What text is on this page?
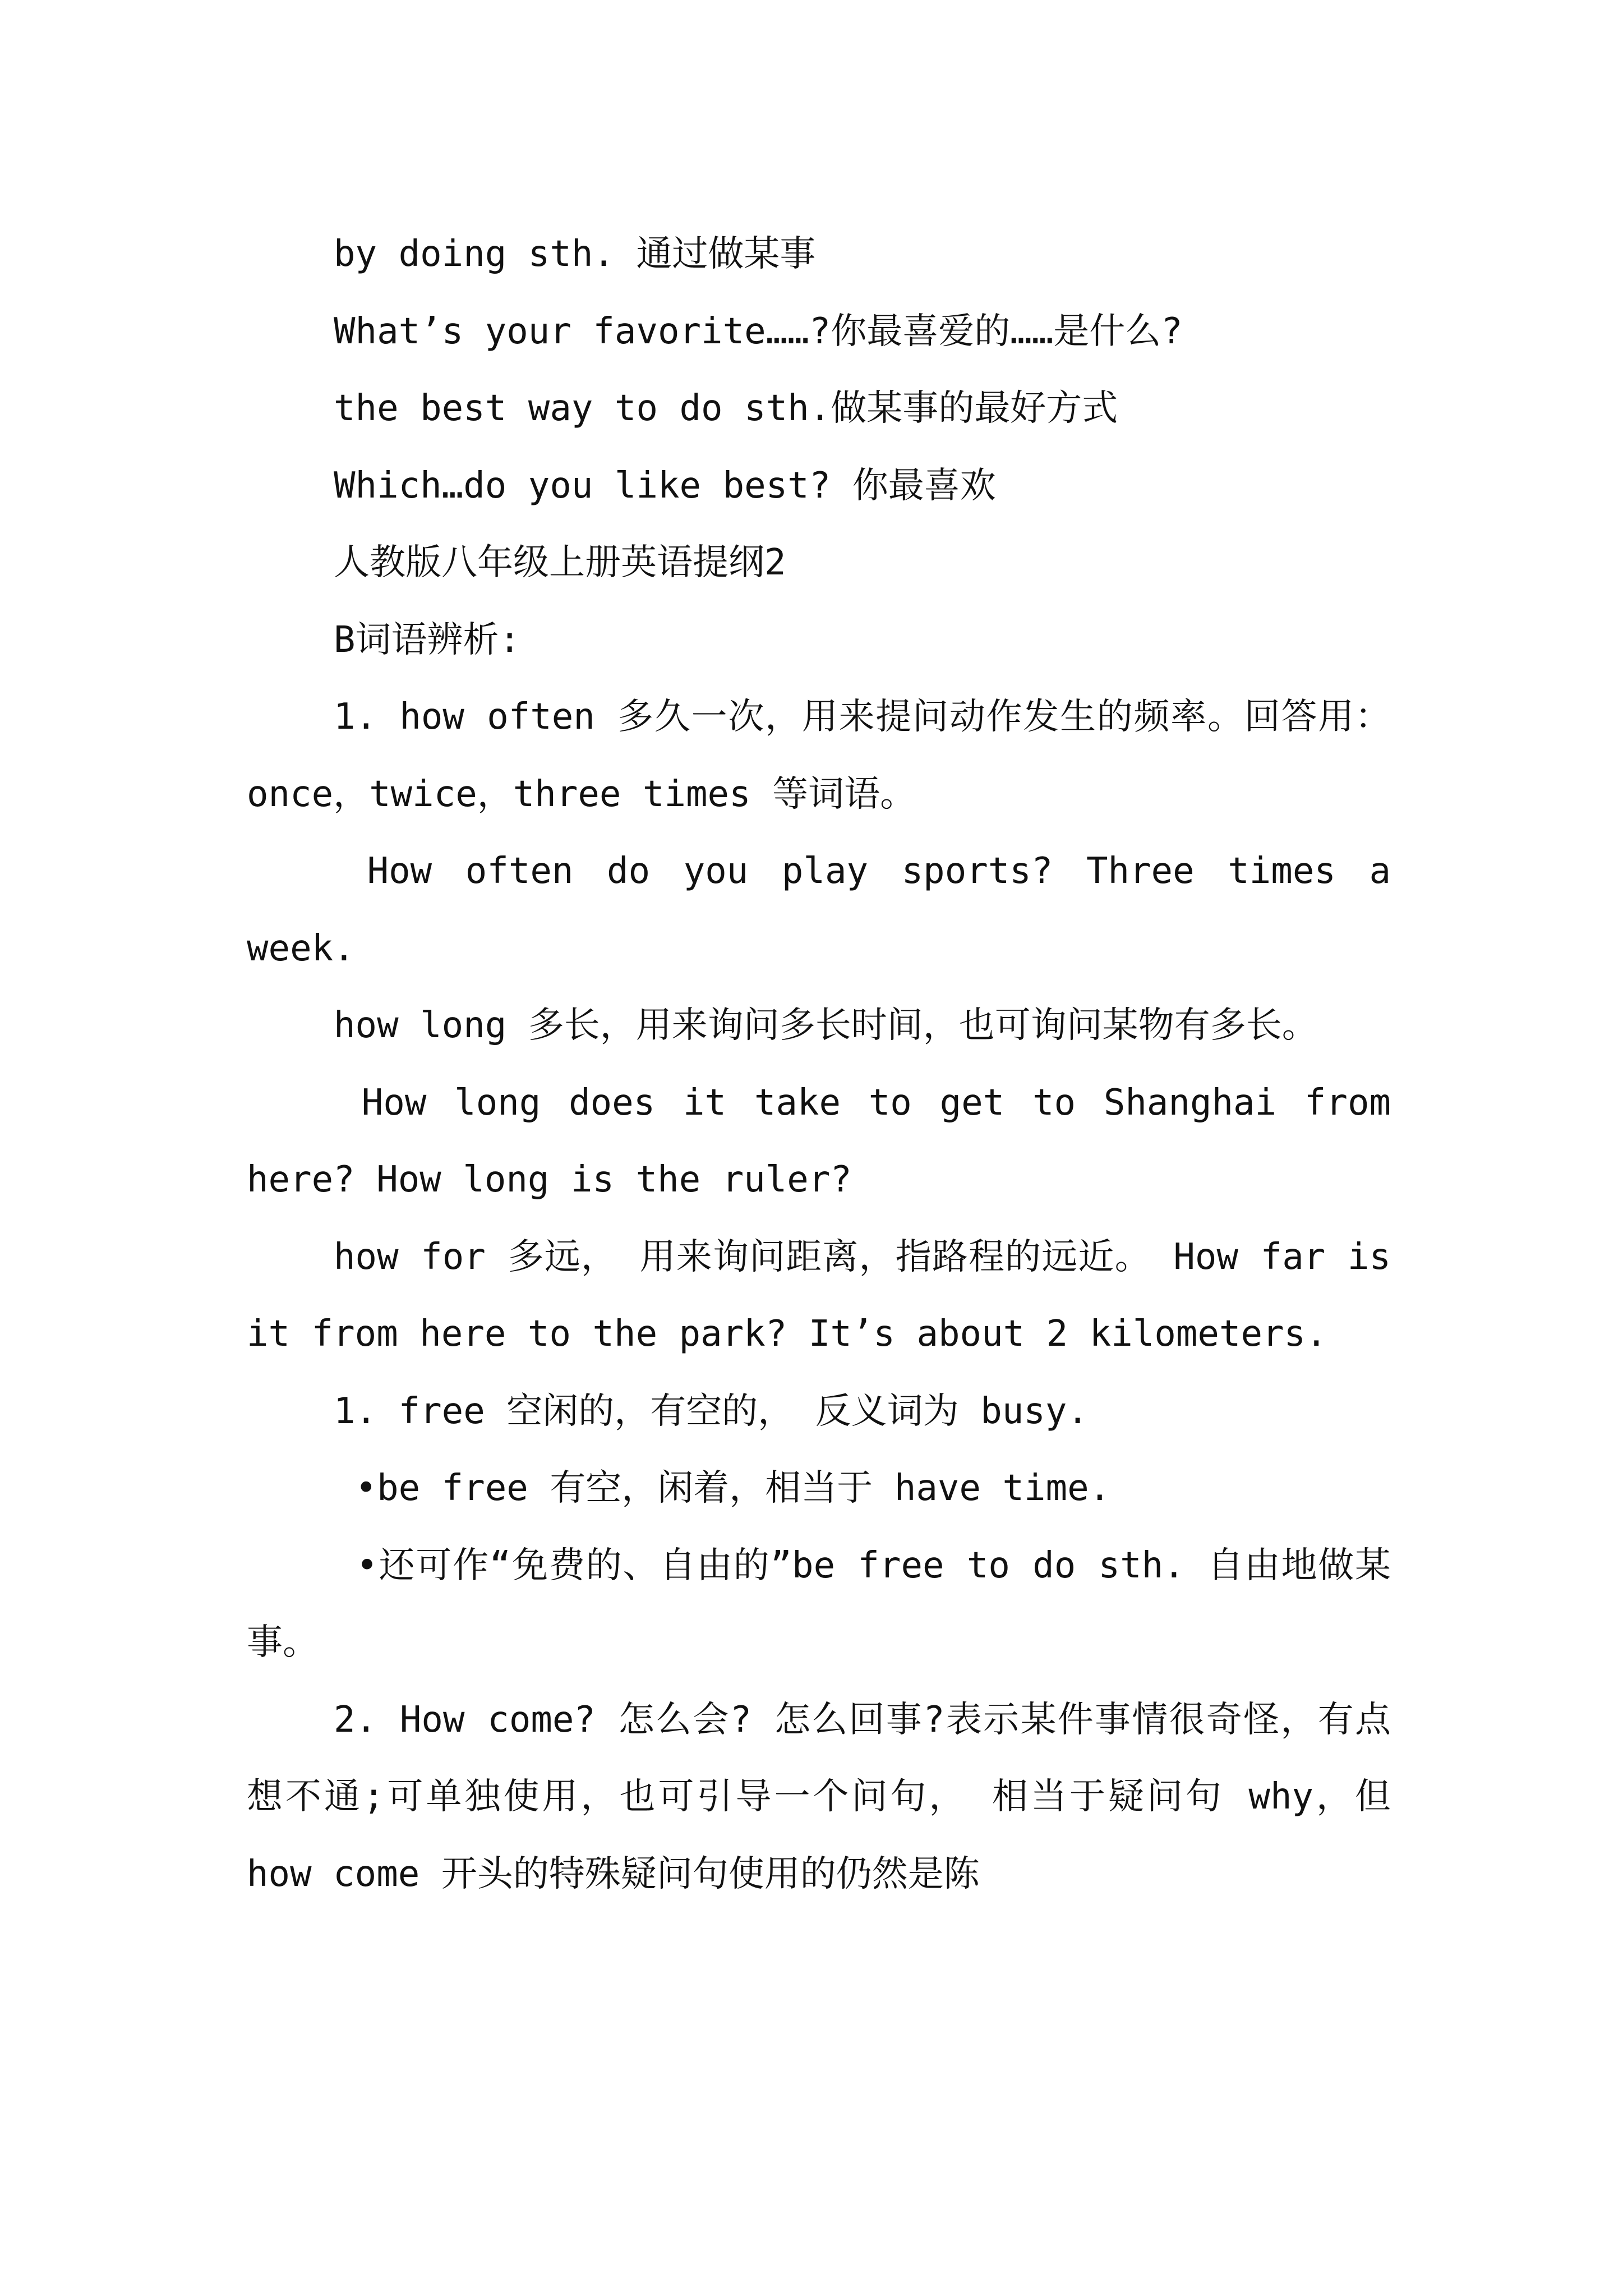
by doing sth. 通过做某事

What’s your favorite……?你最喜爱的……是什么?

the best way to do sth.做某事的最好方式

Which…do you like best? 你最喜欢

人教版八年级上册英语提纲2

B词语辨析:

1. how often 多久一次，用来提问动作发生的频率。回答用：once，twice，three times 等词语。

How often do you play sports? Three times a week.

how long 多长，用来询问多长时间，也可询问某物有多长。

How long does it take to get to Shanghai from here? How long is the ruler?

how for 多远， 用来询问距离，指路程的远近。 How far is it from here to the park? It’s about 2 kilometers.

1. free 空闲的，有空的， 反义词为 busy.

•be free 有空，闲着，相当于 have time.

•还可作“免费的、自由的”be free to do sth. 自由地做某事。

2. How come? 怎么会? 怎么回事?表示某件事情很奇怪，有点想不通;可单独使用，也可引导一个问句， 相当于疑问句 why，但 how come 开头的特殊疑问句使用的仍然是陈
